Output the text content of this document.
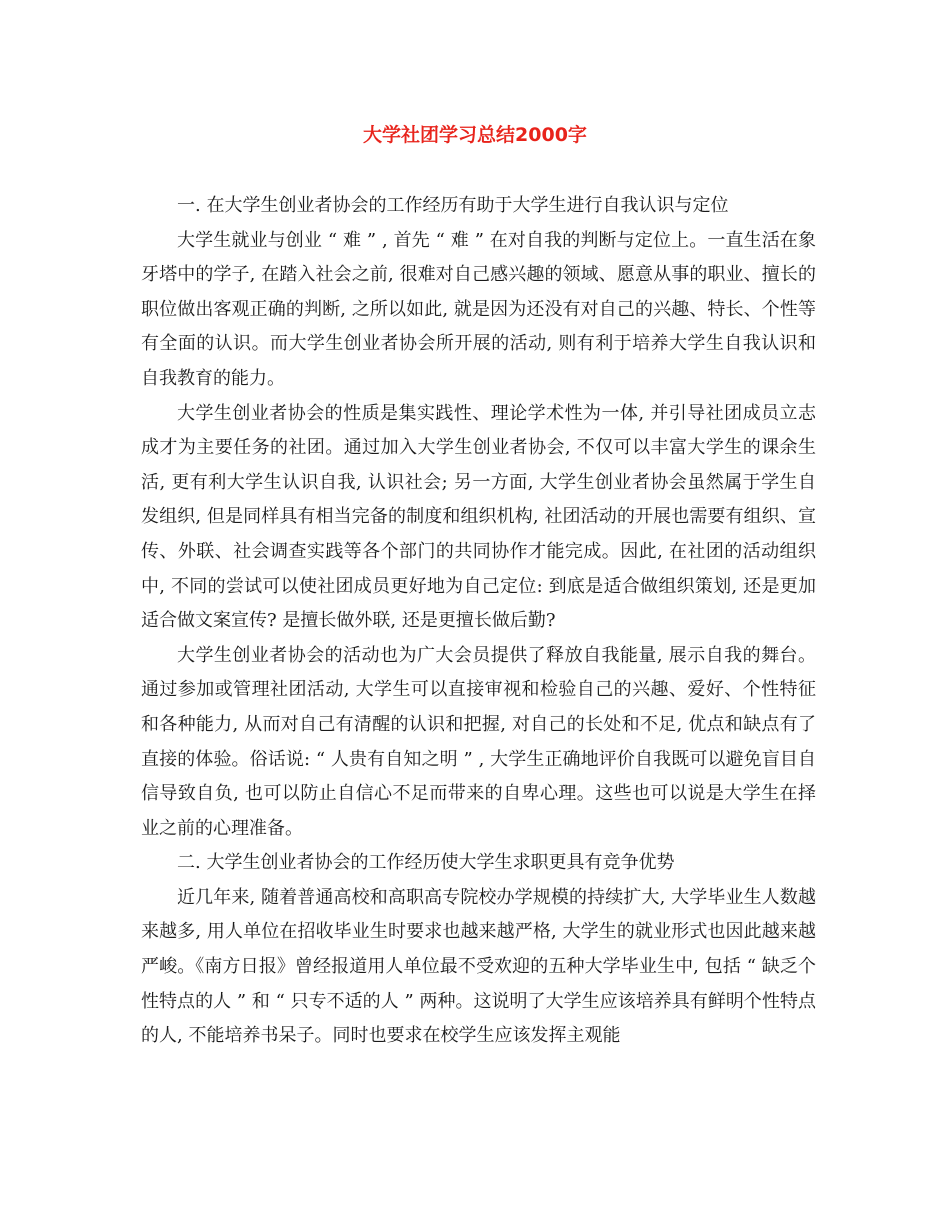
大学社团学习总结2000字

一. 在大学生创业者协会的工作经历有助于大学生进行自我认识与定位

大学生就业与创业 “ 难 ” , 首先 “ 难 ” 在对自我的判断与定位上。一直生活在象牙塔中的学子, 在踏入社会之前, 很难对自己感兴趣的领域、愿意从事的职业、擅长的职位做出客观正确的判断, 之所以如此, 就是因为还没有对自己的兴趣、特长、个性等有全面的认识。而大学生创业者协会所开展的活动, 则有利于培养大学生自我认识和自我教育的能力。

大学生创业者协会的性质是集实践性、理论学术性为一体, 并引导社团成员立志成才为主要任务的社团。通过加入大学生创业者协会, 不仅可以丰富大学生的课余生活, 更有利大学生认识自我, 认识社会; 另一方面, 大学生创业者协会虽然属于学生自发组织, 但是同样具有相当完备的制度和组织机构, 社团活动的开展也需要有组织、宣传、外联、社会调查实践等各个部门的共同协作才能完成。因此, 在社团的活动组织中, 不同的尝试可以使社团成员更好地为自己定位: 到底是适合做组织策划, 还是更加适合做文案宣传? 是擅长做外联, 还是更擅长做后勤?

大学生创业者协会的活动也为广大会员提供了释放自我能量, 展示自我的舞台。通过参加或管理社团活动, 大学生可以直接审视和检验自己的兴趣、爱好、个性特征和各种能力, 从而对自己有清醒的认识和把握, 对自己的长处和不足, 优点和缺点有了直接的体验。俗话说: “ 人贵有自知之明 ” , 大学生正确地评价自我既可以避免盲目自信导致自负, 也可以防止自信心不足而带来的自卑心理。这些也可以说是大学生在择业之前的心理准备。

二. 大学生创业者协会的工作经历使大学生求职更具有竞争优势

近几年来, 随着普通高校和高职高专院校办学规模的持续扩大, 大学毕业生人数越来越多, 用人单位在招收毕业生时要求也越来越严格, 大学生的就业形式也因此越来越严峻。《南方日报》曾经报道用人单位最不受欢迎的五种大学毕业生中, 包括 “ 缺乏个性特点的人 ” 和 “ 只专不适的人 ” 两种。这说明了大学生应该培养具有鲜明个性特点的人, 不能培养书呆子。同时也要求在校学生应该发挥主观能
